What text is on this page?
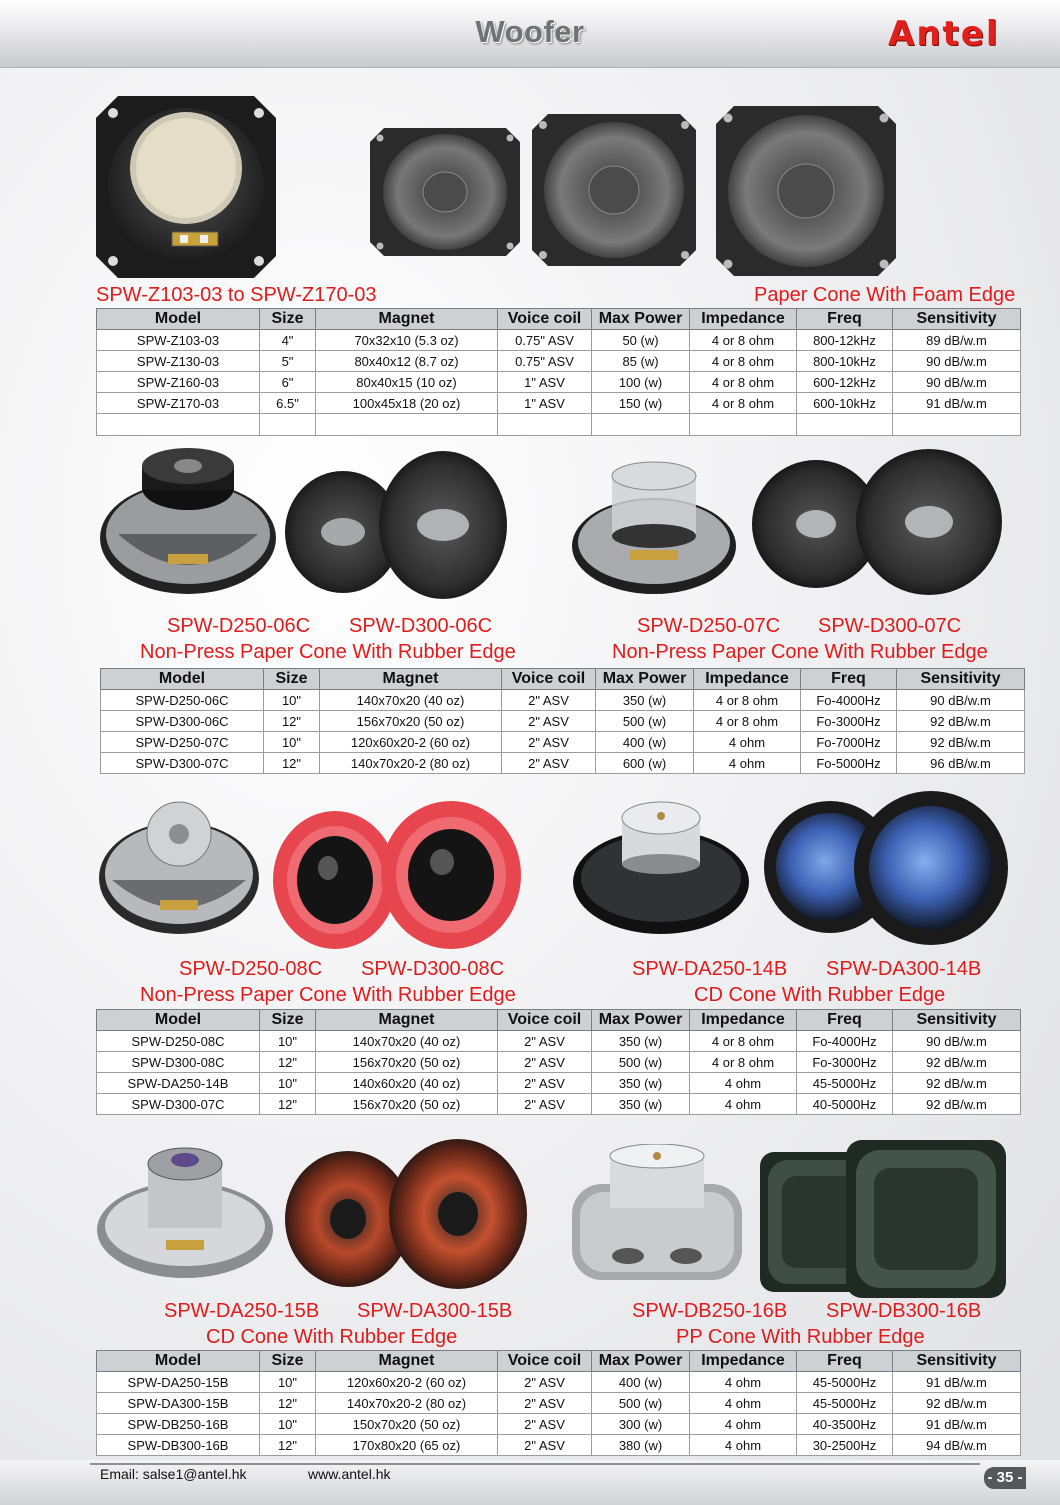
Woofer	Antel
SPW-Z103-03 to SPW-Z170-03	Paper Cone With Foam Edge
Model	Size	Magnet	Voice coil	Max Power	Impedance	Freq	Sensitivity
SPW-Z103-03	4"	70x32x10 (5.3 oz)	0.75" ASV	50 (w)	4 or 8 ohm	800-12kHz	89 dB/w.m
SPW-Z130-03	5"	80x40x12 (8.7 oz)	0.75" ASV	85 (w)	4 or 8 ohm	800-10kHz	90 dB/w.m
SPW-Z160-03	6"	80x40x15 (10 oz)	1" ASV	100 (w)	4 or 8 ohm	600-12kHz	90 dB/w.m
SPW-Z170-03	6.5"	100x45x18 (20 oz)	1" ASV	150 (w)	4 or 8 ohm	600-10kHz	91 dB/w.m

SPW-D250-06C SPW-D300-06C
Non-Press Paper Cone With Rubber Edge
SPW-D250-07C SPW-D300-07C
Non-Press Paper Cone With Rubber Edge
Model	Size	Magnet	Voice coil	Max Power	Impedance	Freq	Sensitivity
SPW-D250-06C	10"	140x70x20 (40 oz)	2" ASV	350 (w)	4 or 8 ohm	Fo-4000Hz	90 dB/w.m
SPW-D300-06C	12"	156x70x20 (50 oz)	2" ASV	500 (w)	4 or 8 ohm	Fo-3000Hz	92 dB/w.m
SPW-D250-07C	10"	120x60x20-2 (60 oz)	2" ASV	400 (w)	4 ohm	Fo-7000Hz	92 dB/w.m
SPW-D300-07C	12"	140x70x20-2 (80 oz)	2" ASV	600 (w)	4 ohm	Fo-5000Hz	96 dB/w.m
SPW-D250-08C SPW-D300-08C
Non-Press Paper Cone With Rubber Edge
SPW-DA250-14B SPW-DA300-14B
CD Cone With Rubber Edge
Model	Size	Magnet	Voice coil	Max Power	Impedance	Freq	Sensitivity
SPW-D250-08C	10"	140x70x20 (40 oz)	2" ASV	350 (w)	4 or 8 ohm	Fo-4000Hz	90 dB/w.m
SPW-D300-08C	12"	156x70x20 (50 oz)	2" ASV	500 (w)	4 or 8 ohm	Fo-3000Hz	92 dB/w.m
SPW-DA250-14B	10"	140x60x20 (40 oz)	2" ASV	350 (w)	4 ohm	45-5000Hz	92 dB/w.m
SPW-D300-07C	12"	156x70x20 (50 oz)	2" ASV	350 (w)	4 ohm	40-5000Hz	92 dB/w.m
SPW-DA250-15B SPW-DA300-15B
CD Cone With Rubber Edge
SPW-DB250-16B SPW-DB300-16B
PP Cone With Rubber Edge
Model	Size	Magnet	Voice coil	Max Power	Impedance	Freq	Sensitivity
SPW-DA250-15B	10"	120x60x20-2 (60 oz)	2" ASV	400 (w)	4 ohm	45-5000Hz	91 dB/w.m
SPW-DA300-15B	12"	140x70x20-2 (80 oz)	2" ASV	500 (w)	4 ohm	45-5000Hz	92 dB/w.m
SPW-DB250-16B	10"	150x70x20 (50 oz)	2" ASV	300 (w)	4 ohm	40-3500Hz	91 dB/w.m
SPW-DB300-16B	12"	170x80x20 (65 oz)	2" ASV	380 (w)	4 ohm	30-2500Hz	94 dB/w.m
Email: salse1@antel.hk	www.antel.hk	- 35 -
